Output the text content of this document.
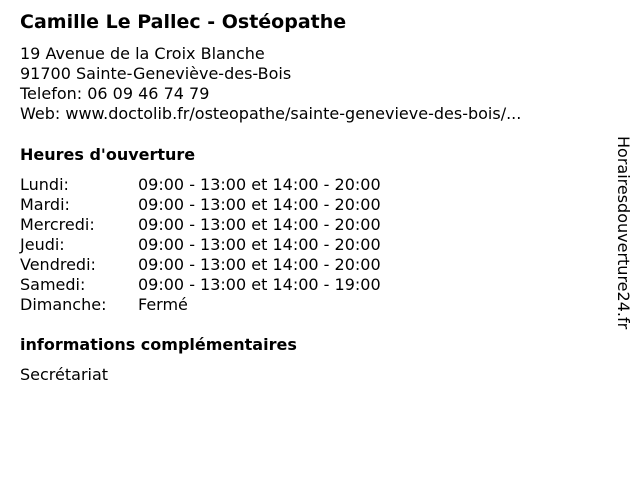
Camille Le Pallec - Ostéopathe
19 Avenue de la Croix Blanche
91700 Sainte-Geneviève-des-Bois
Telefon: 06 09 46 74 79
Web: www.doctolib.fr/osteopathe/sainte-genevieve-des-bois/...
Heures d'ouverture
Lundi:	09:00 - 13:00 et 14:00 - 20:00
Mardi:	09:00 - 13:00 et 14:00 - 20:00
Mercredi:	09:00 - 13:00 et 14:00 - 20:00
Jeudi:	09:00 - 13:00 et 14:00 - 20:00
Vendredi:	09:00 - 13:00 et 14:00 - 20:00
Samedi:	09:00 - 13:00 et 14:00 - 19:00
Dimanche:	Fermé
informations complémentaires
Secrétariat
Horairesdouverture24.fr
